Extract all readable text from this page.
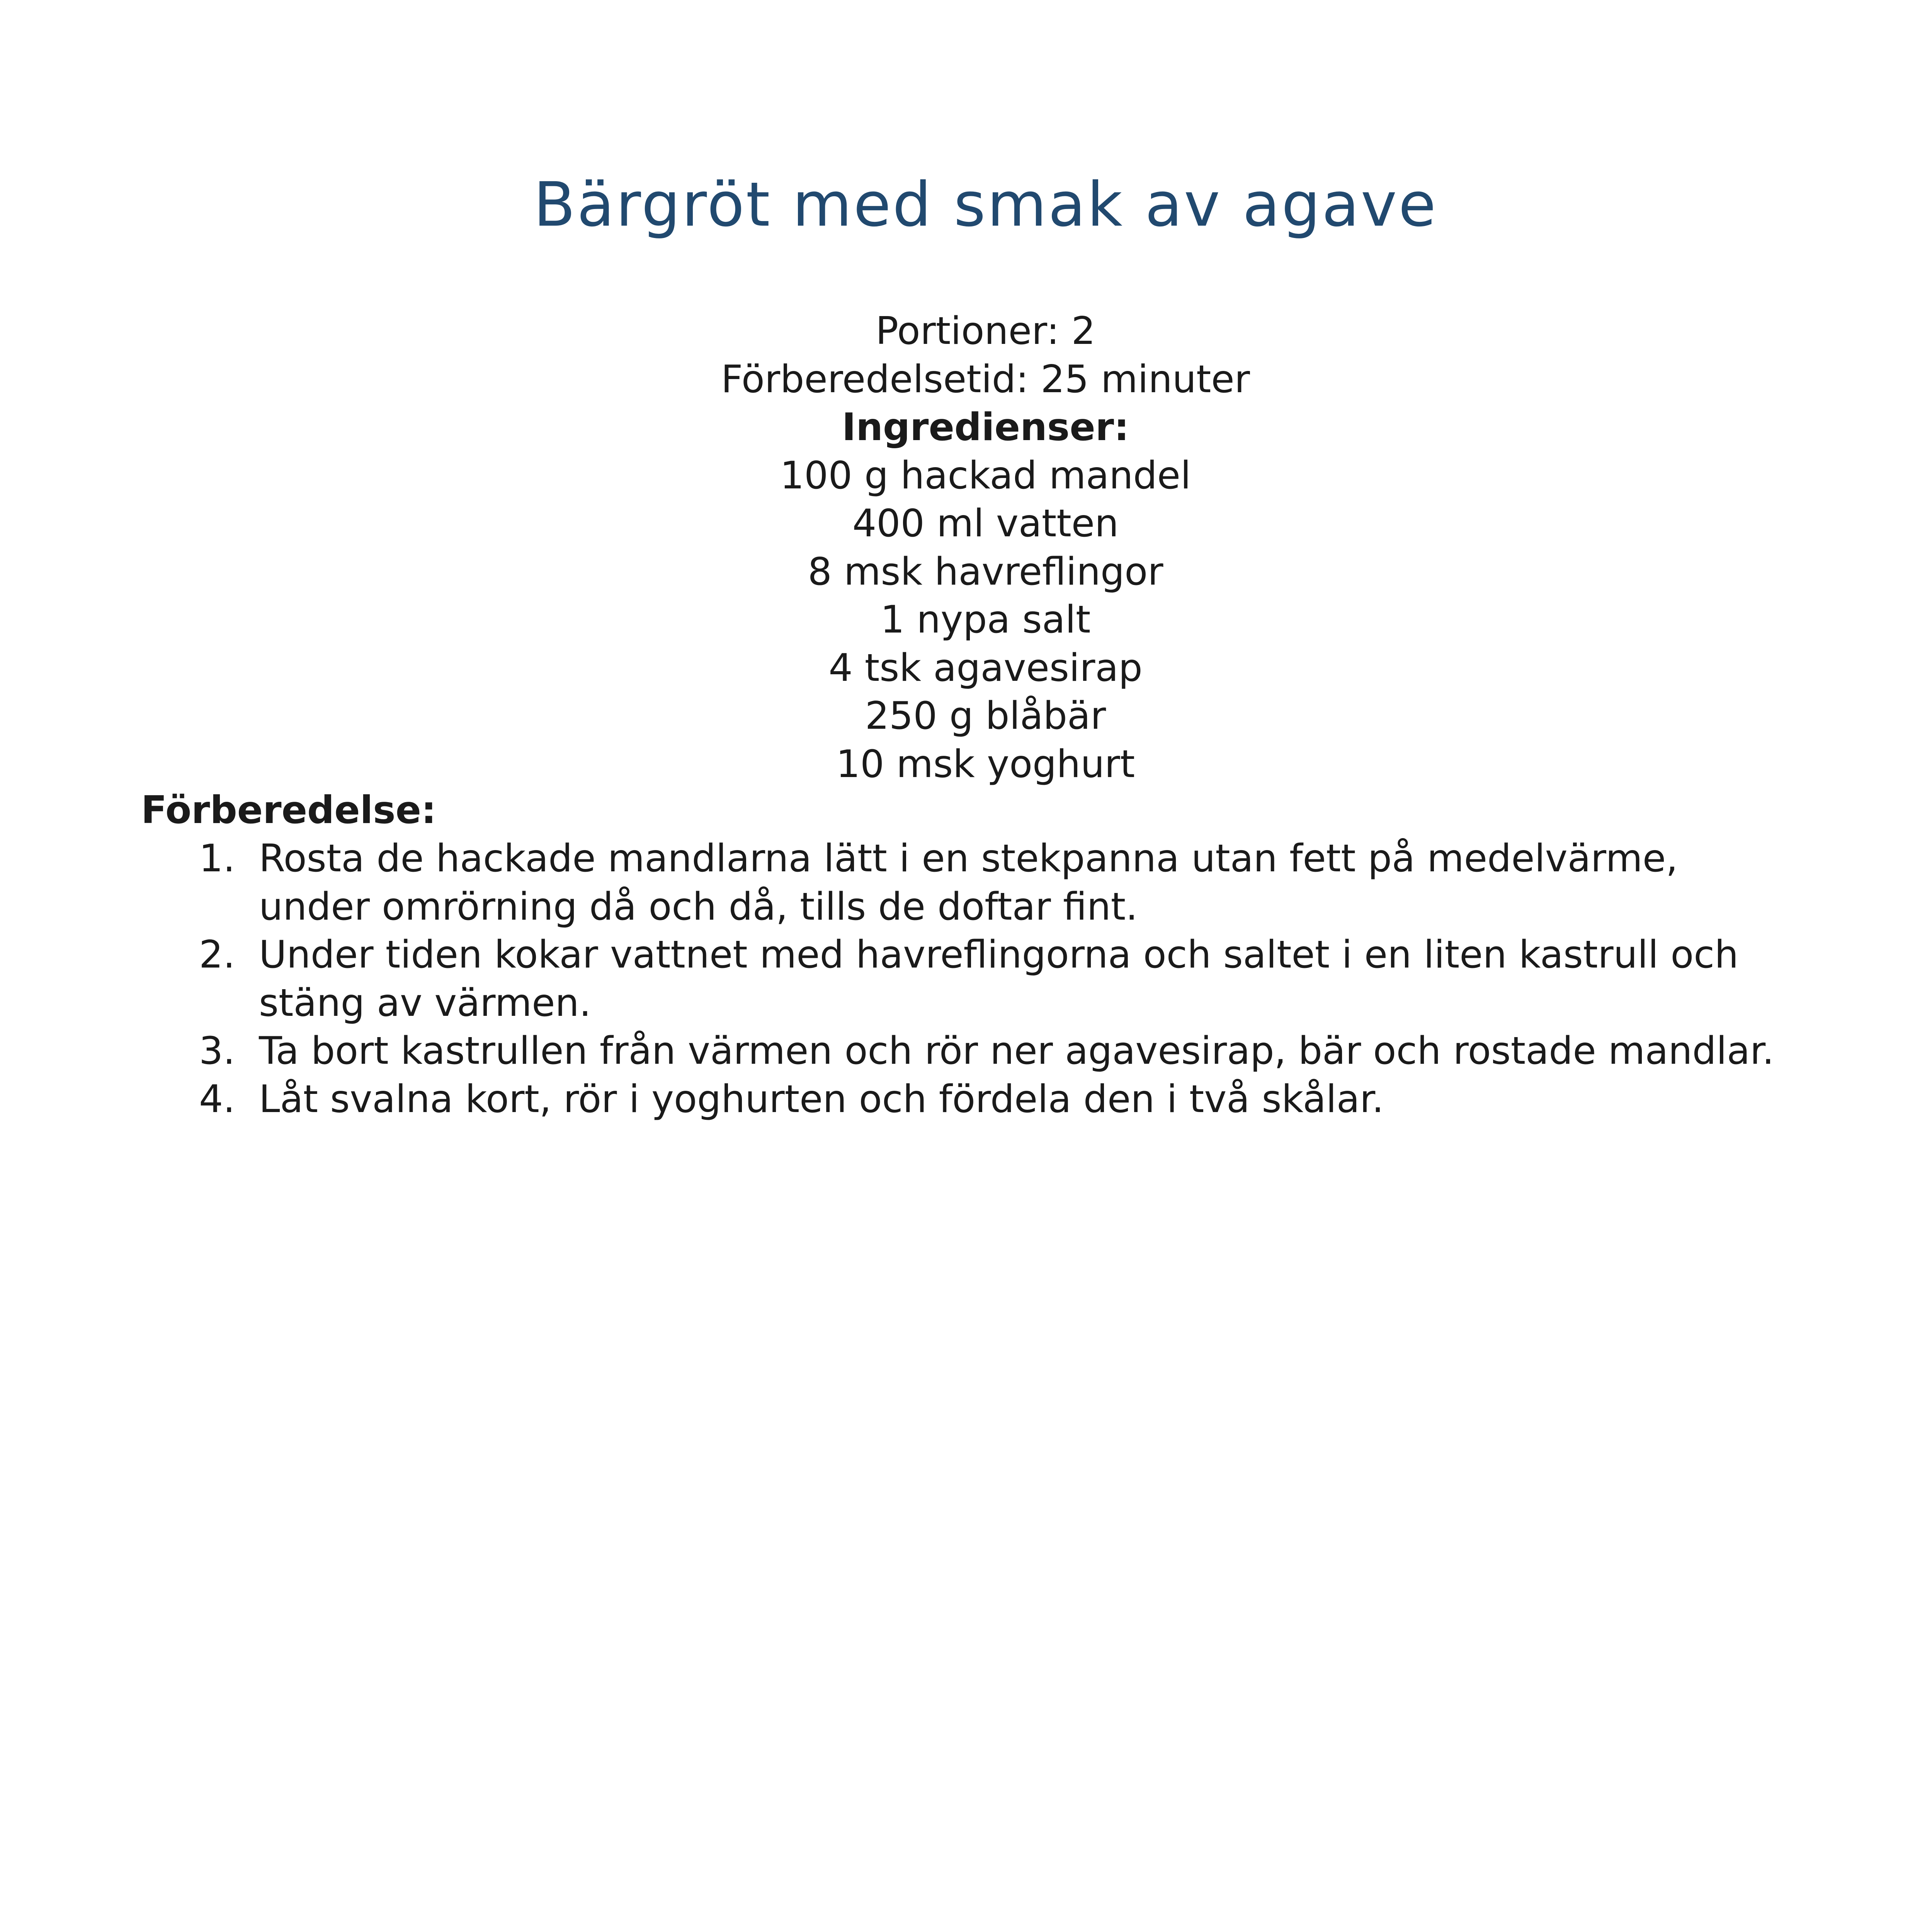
Bärgröt med smak av agave
Portioner: 2
Förberedelsetid: 25 minuter
Ingredienser:
100 g hackad mandel
400 ml vatten
8 msk havreflingor
1 nypa salt
4 tsk agavesirap
250 g blåbär
10 msk yoghurt
Förberedelse:
1. Rosta de hackade mandlarna lätt i en stekpanna utan fett på medelvärme,
under omrörning då och då, tills de doftar fint.
2. Under tiden kokar vattnet med havreflingorna och saltet i en liten kastrull och
stäng av värmen.
3. Ta bort kastrullen från värmen och rör ner agavesirap, bär och rostade mandlar.
4. Låt svalna kort, rör i yoghurten och fördela den i två skålar.
